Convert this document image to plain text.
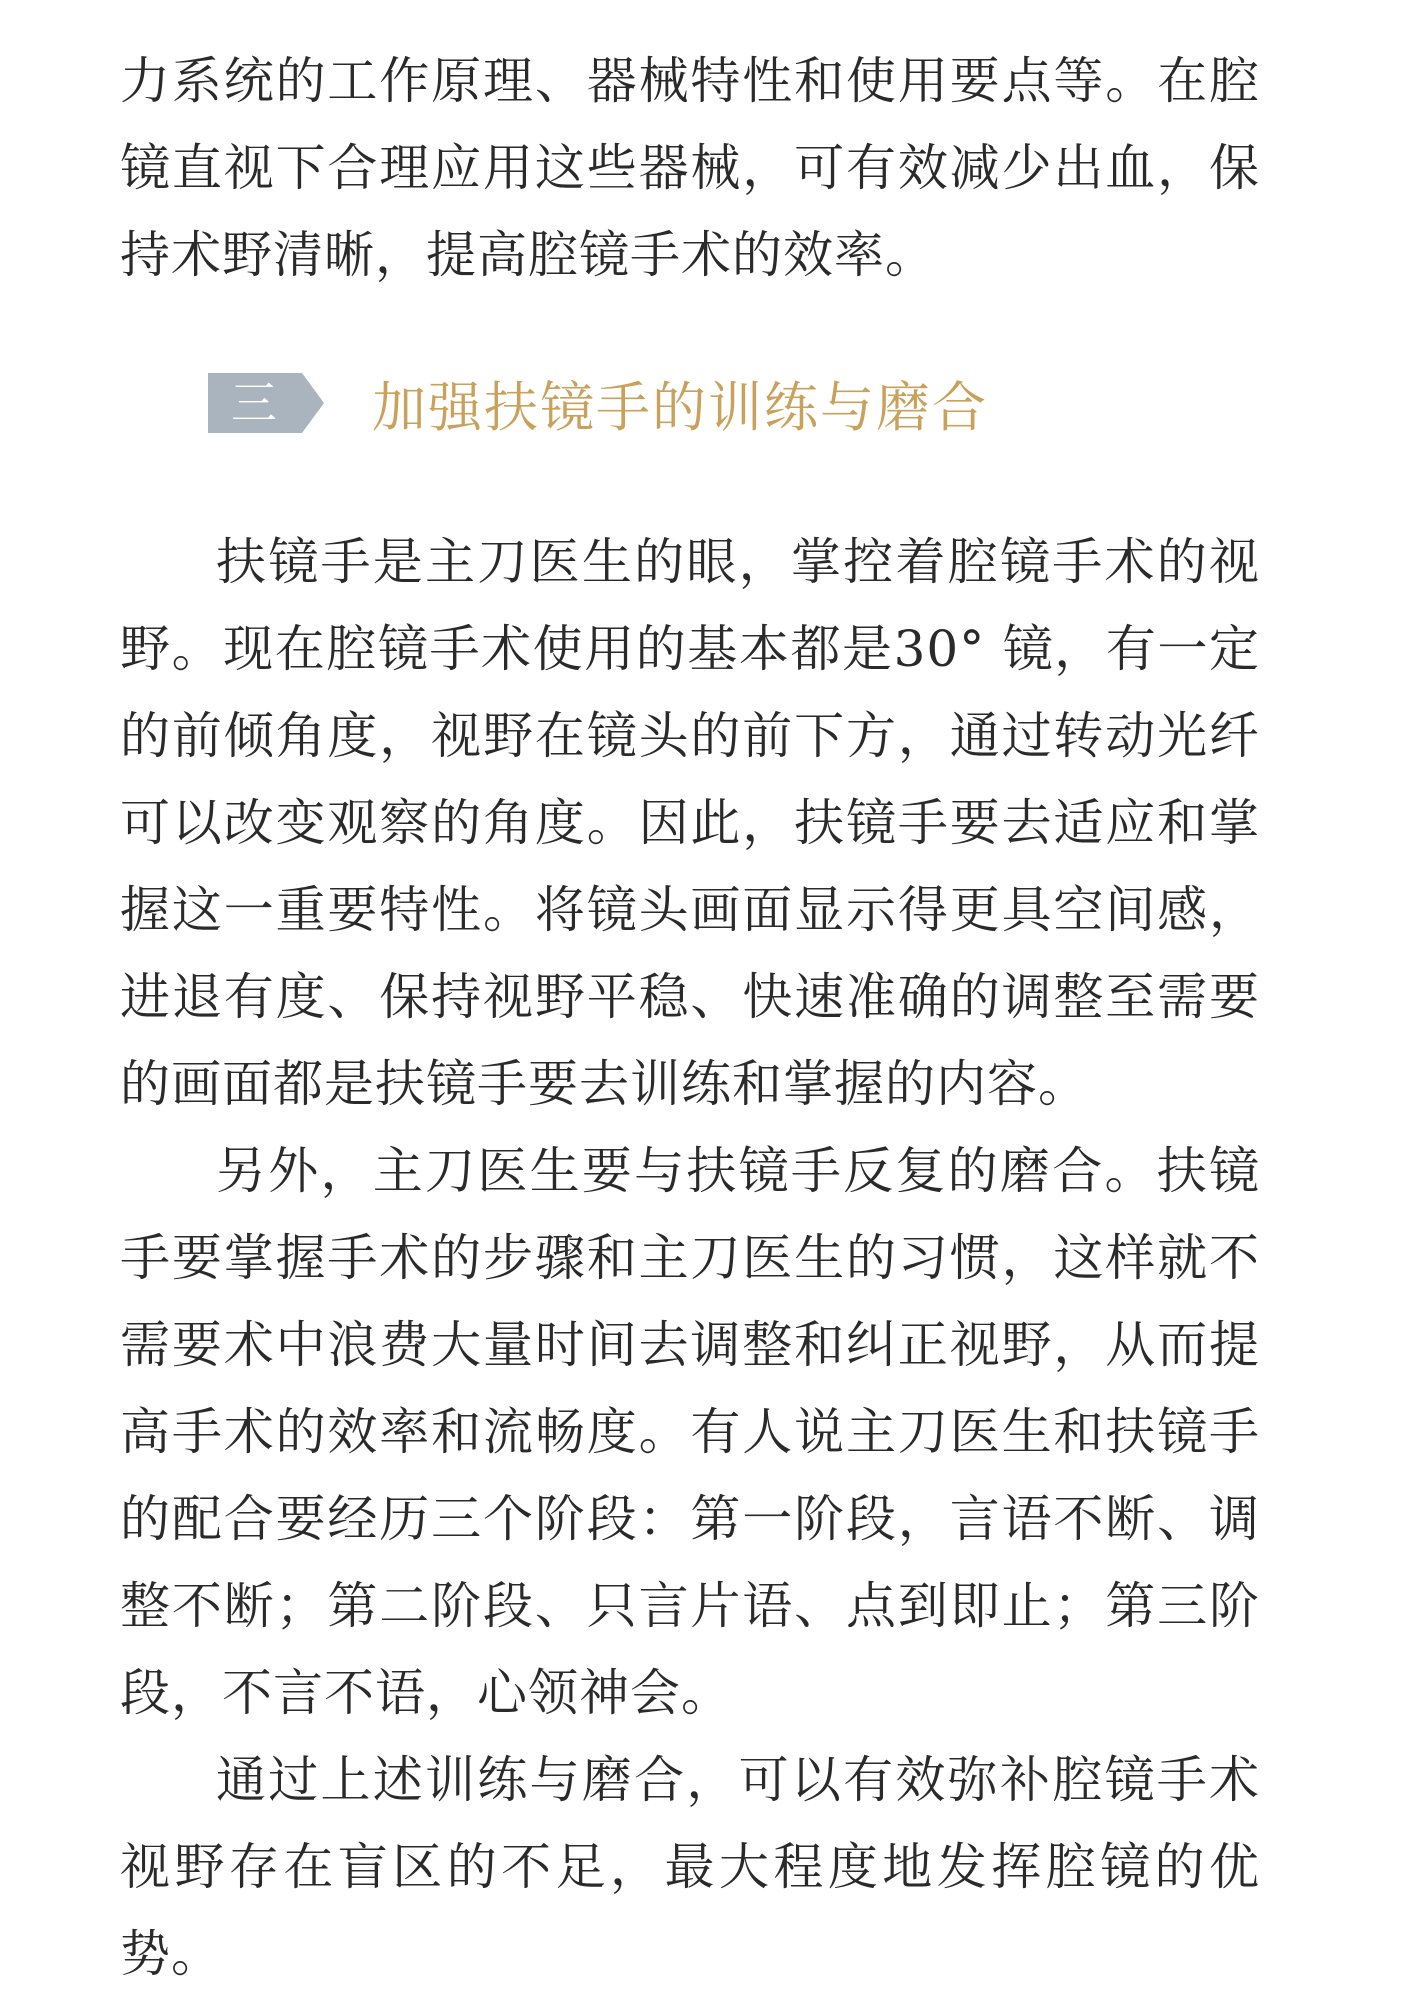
力系统的工作原理、器械特性和使用要点等。在腔镜直视下合理应用这些器械，可有效减少出血，保持术野清晰，提高腔镜手术的效率。

三 加强扶镜手的训练与磨合

扶镜手是主刀医生的眼，掌控着腔镜手术的视野。现在腔镜手术使用的基本都是30° 镜，有一定的前倾角度，视野在镜头的前下方，通过转动光纤可以改变观察的角度。因此，扶镜手要去适应和掌握这一重要特性。将镜头画面显示得更具空间感，进退有度、保持视野平稳、快速准确的调整至需要的画面都是扶镜手要去训练和掌握的内容。

另外，主刀医生要与扶镜手反复的磨合。扶镜手要掌握手术的步骤和主刀医生的习惯，这样就不需要术中浪费大量时间去调整和纠正视野，从而提高手术的效率和流畅度。有人说主刀医生和扶镜手的配合要经历三个阶段：第一阶段，言语不断、调整不断；第二阶段、只言片语、点到即止；第三阶段，不言不语，心领神会。

通过上述训练与磨合，可以有效弥补腔镜手术视野存在盲区的不足，最大程度地发挥腔镜的优势。
